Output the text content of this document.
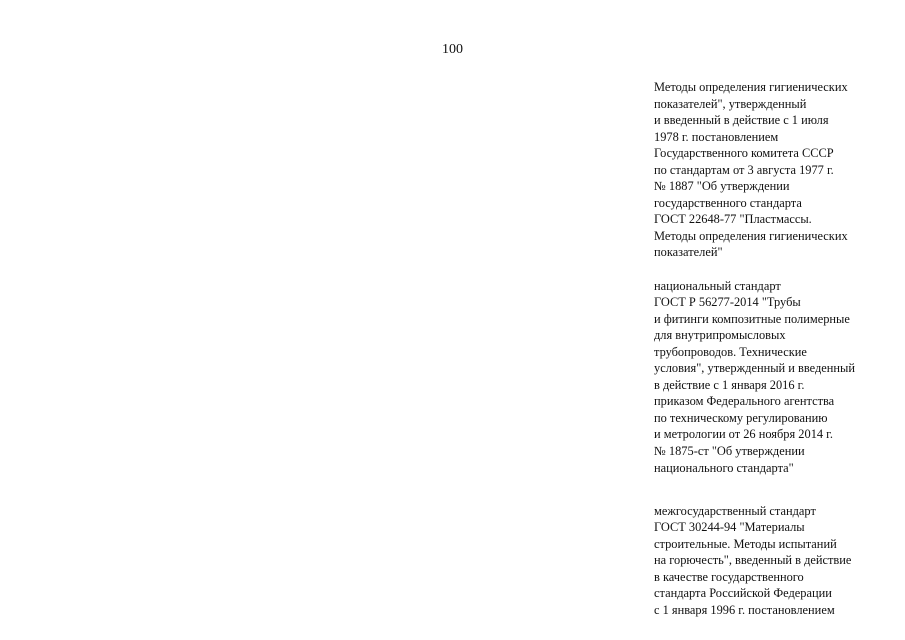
100
Методы определения гигиенических
показателей", утвержденный
и введенный в действие с 1 июля
1978 г. постановлением
Государственного комитета СССР
по стандартам от 3 августа 1977 г.
№ 1887 "Об утверждении
государственного стандарта
ГОСТ 22648-77 "Пластмассы.
Методы определения гигиенических
показателей"
национальный стандарт
ГОСТ Р 56277-2014 "Трубы
и фитинги композитные полимерные
для внутрипромысловых
трубопроводов. Технические
условия", утвержденный и введенный
в действие с 1 января 2016 г.
приказом Федерального агентства
по техническому регулированию
и метрологии от 26 ноября 2014 г.
№ 1875-ст "Об утверждении
национального стандарта"
межгосударственный стандарт
ГОСТ 30244-94 "Материалы
строительные. Методы испытаний
на горючесть", введенный в действие
в качестве государственного
стандарта Российской Федерации
с 1 января 1996 г. постановлением
